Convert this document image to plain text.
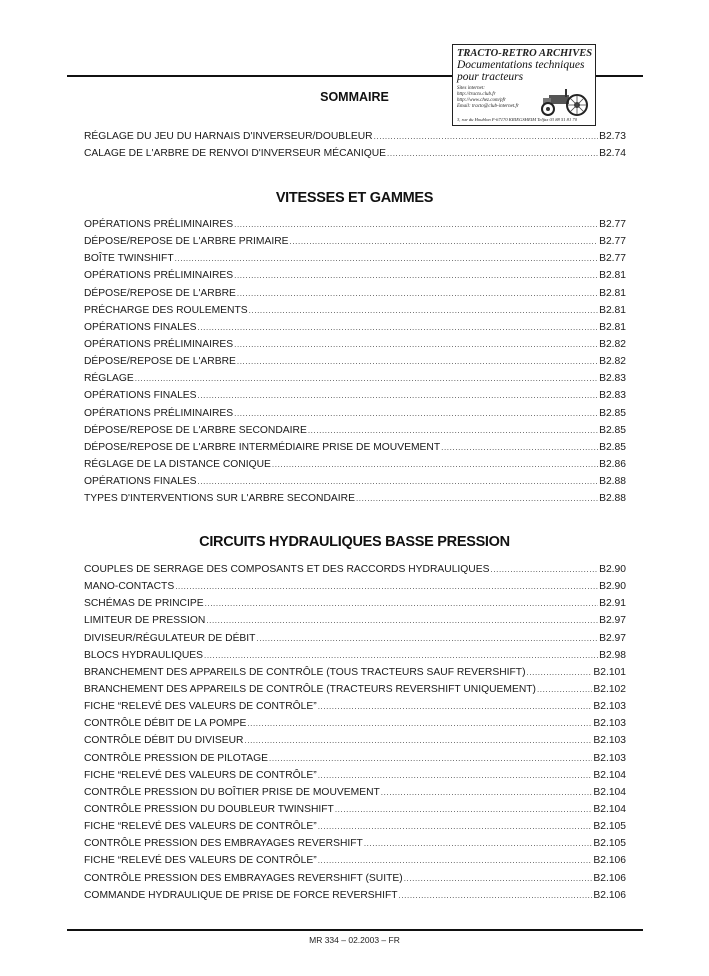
TRACTO-RETRO ARCHIVES
Documentations techniques
pour tracteurs
Sites internet:
http://tracto.club.fr
http://www.chez.com/pfr
Email: tracto@club-internet.fr
3, rue du Houblon F-67170 KRIEGSHEIM Telfax 03 88 51 81 70
SOMMAIRE
RÉGLAGE DU JEU DU HARNAIS D'INVERSEUR/DOUBLEUR .....	B2.73
CALAGE DE L'ARBRE DE RENVOI D'INVERSEUR MÉCANIQUE .....	B2.74
VITESSES ET GAMMES
OPÉRATIONS PRÉLIMINAIRES .....	B2.77
DÉPOSE/REPOSE DE L'ARBRE PRIMAIRE .....	B2.77
BOÎTE TWINSHIFT .....	B2.77
OPÉRATIONS PRÉLIMINAIRES .....	B2.81
DÉPOSE/REPOSE DE L'ARBRE .....	B2.81
PRÉCHARGE DES ROULEMENTS .....	B2.81
OPÉRATIONS FINALES .....	B2.81
OPÉRATIONS PRÉLIMINAIRES .....	B2.82
DÉPOSE/REPOSE DE L'ARBRE .....	B2.82
RÉGLAGE .....	B2.83
OPÉRATIONS FINALES .....	B2.83
OPÉRATIONS PRÉLIMINAIRES .....	B2.85
DÉPOSE/REPOSE DE L'ARBRE SECONDAIRE .....	B2.85
DÉPOSE/REPOSE DE L'ARBRE INTERMÉDIAIRE PRISE DE MOUVEMENT .....	B2.85
RÉGLAGE DE LA DISTANCE CONIQUE .....	B2.86
OPÉRATIONS FINALES .....	B2.88
TYPES D'INTERVENTIONS SUR L'ARBRE SECONDAIRE .....	B2.88
CIRCUITS HYDRAULIQUES BASSE PRESSION
COUPLES DE SERRAGE DES COMPOSANTS ET DES RACCORDS HYDRAULIQUES .....	B2.90
MANO-CONTACTS .....	B2.90
SCHÉMAS DE PRINCIPE .....	B2.91
LIMITEUR DE PRESSION .....	B2.97
DIVISEUR/RÉGULATEUR DE DÉBIT .....	B2.97
BLOCS HYDRAULIQUES .....	B2.98
BRANCHEMENT DES APPAREILS DE CONTRÔLE (TOUS TRACTEURS SAUF REVERSHIFT) .....	B2.101
BRANCHEMENT DES APPAREILS DE CONTRÔLE (TRACTEURS REVERSHIFT UNIQUEMENT) .....	B2.102
FICHE “RELEVÉ DES VALEURS DE CONTRÔLE” .....	B2.103
CONTRÔLE DÉBIT DE LA POMPE .....	B2.103
CONTRÔLE DÉBIT DU DIVISEUR .....	B2.103
CONTRÔLE PRESSION DE PILOTAGE .....	B2.103
FICHE “RELEVÉ DES VALEURS DE CONTRÔLE” .....	B2.104
CONTRÔLE PRESSION DU BOÎTIER PRISE DE MOUVEMENT .....	B2.104
CONTRÔLE PRESSION DU DOUBLEUR TWINSHIFT .....	B2.104
FICHE “RELEVÉ DES VALEURS DE CONTRÔLE” .....	B2.105
CONTRÔLE PRESSION DES EMBRAYAGES REVERSHIFT .....	B2.105
FICHE “RELEVÉ DES VALEURS DE CONTRÔLE” .....	B2.106
CONTRÔLE PRESSION DES EMBRAYAGES REVERSHIFT (SUITE) .....	B2.106
COMMANDE HYDRAULIQUE DE PRISE DE FORCE REVERSHIFT .....	B2.106
MR 334 – 02.2003 – FR
